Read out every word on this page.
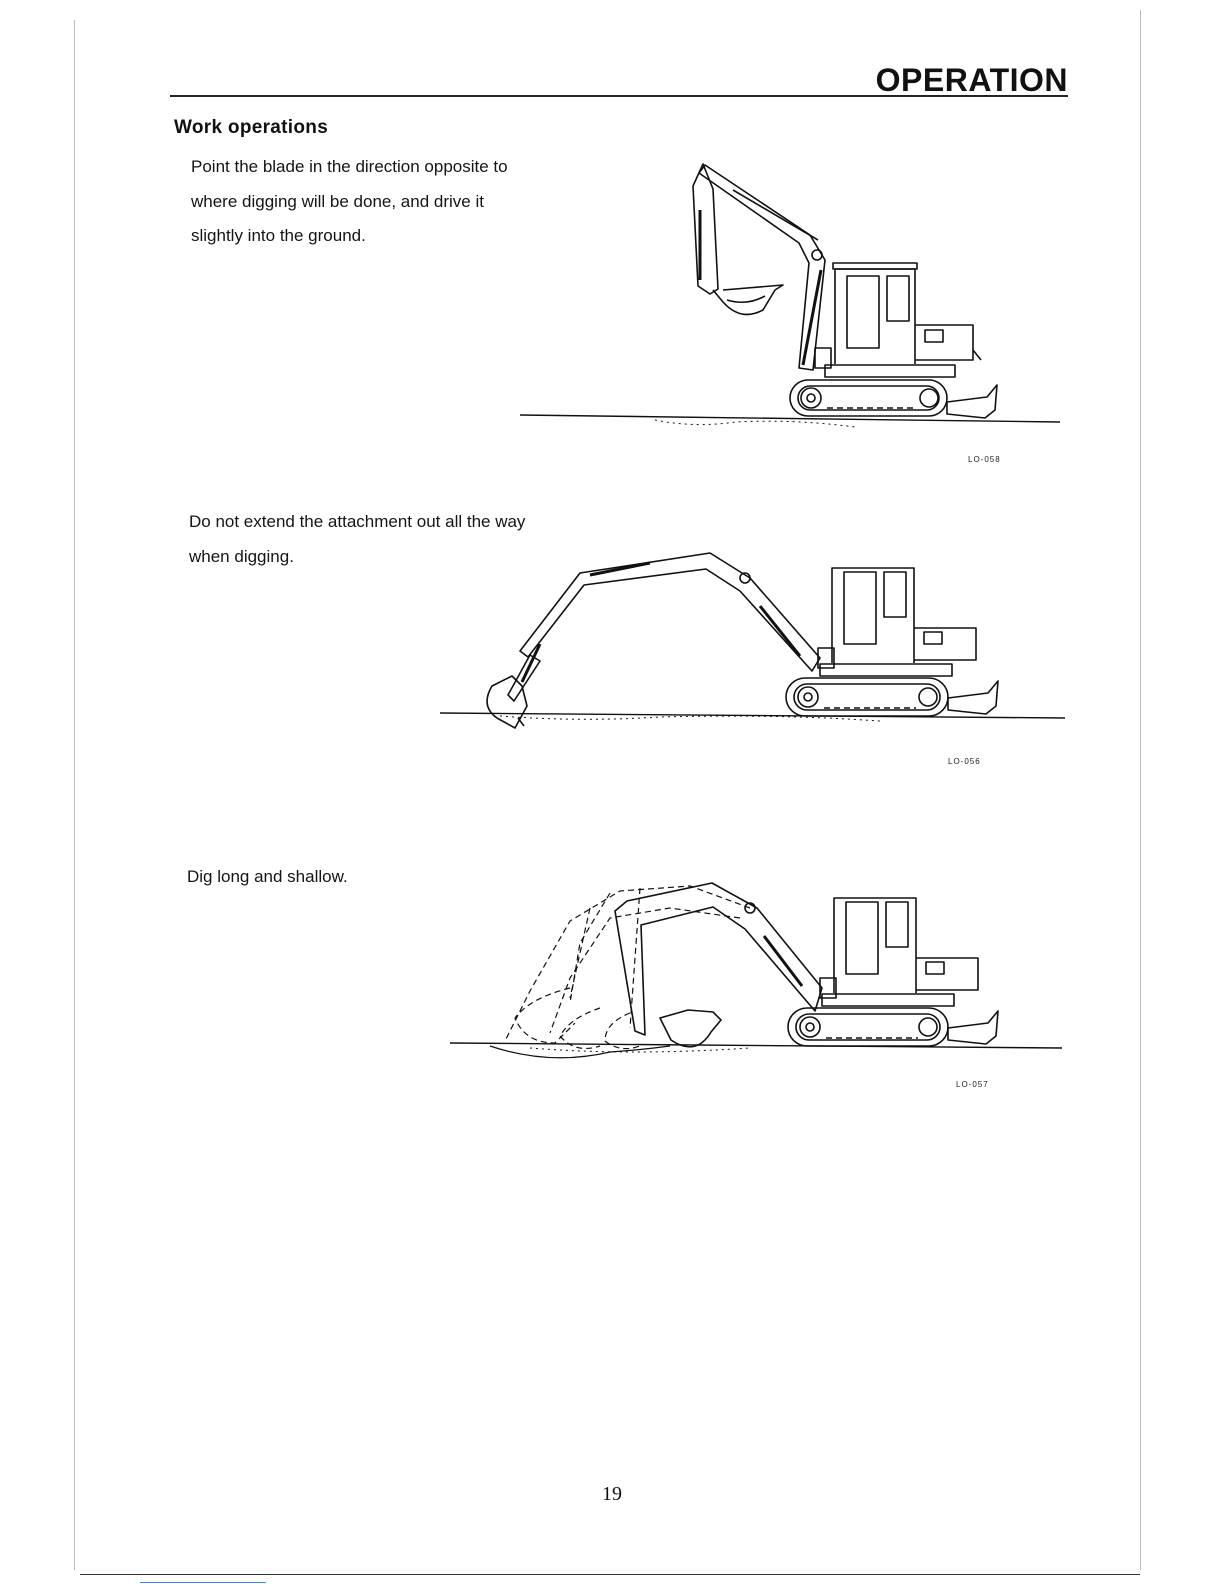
OPERATION
Work operations
Point the blade in the direction opposite to where digging will be done, and drive it slightly into the ground.
Do not extend the attachment out all the way when digging.
Dig long and shallow.
LO-058
LO-056
LO-057
19
